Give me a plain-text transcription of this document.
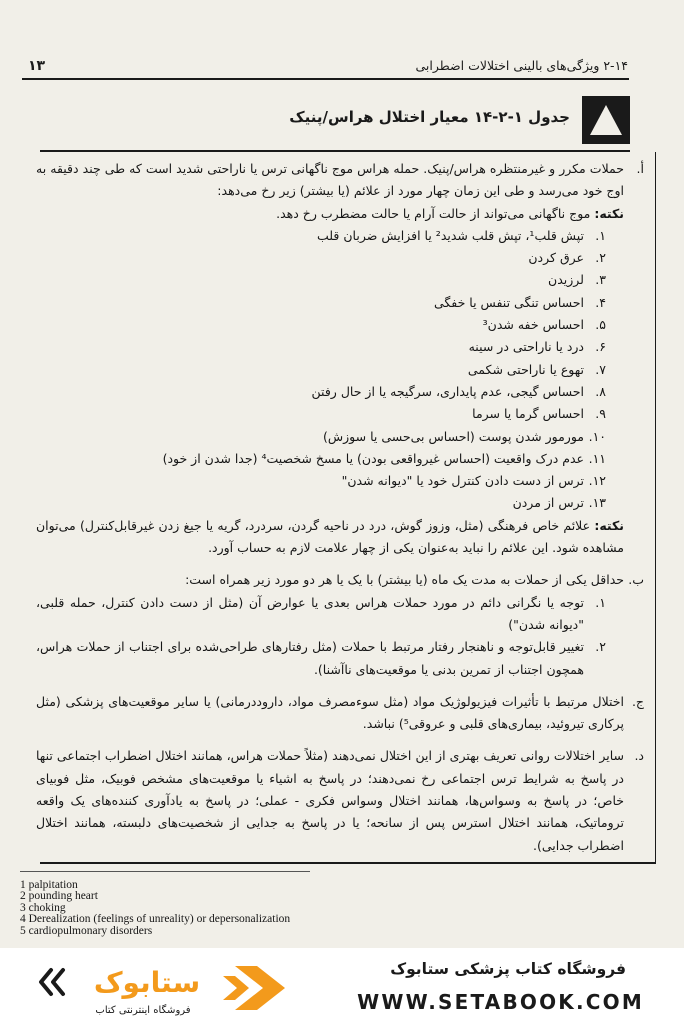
۱۳	۲-۱۴ ویژگی‌های بالینی اختلالات اضطرابی
جدول ۱-۲-۱۴ معیار اختلال هراس/پنیک
أ.
حملات مکرر و غیرمنتظره هراس/پنیک. حمله هراس موج ناگهانی ترس یا ناراحتی شدید است که طی چند دقیقه به اوج خود می‌رسد و طی این زمان چهار مورد از علائم (یا بیشتر) زیر رخ می‌دهد:
نکته: موج ناگهانی می‌تواند از حالت آرام یا حالت مضطرب رخ دهد.
۱.
تپش قلب¹، تپش قلب شدید² یا افزایش ضربان قلب
۲.
عرق کردن
۳.
لرزیدن
۴.
احساس تنگی تنفس یا خفگی
۵.
احساس خفه شدن³
۶.
درد یا ناراحتی در سینه
۷.
تهوع یا ناراحتی شکمی
۸.
احساس گیجی، عدم پایداری، سرگیجه یا از حال رفتن
۹.
احساس گرما یا سرما
۱۰.
مورمور شدن پوست (احساس بی‌حسی یا سوزش)
۱۱.
عدم درک واقعیت (احساس غیرواقعی بودن) یا مسخ شخصیت⁴ (جدا شدن از خود)
۱۲.
ترس از دست دادن کنترل خود یا "دیوانه شدن"
۱۳.
ترس از مردن
نکته: علائم خاص فرهنگی (مثل، وزوز گوش، درد در ناحیه گردن، سردرد، گریه یا جیغ زدن غیرقابل‌کنترل) می‌توان مشاهده شود. این علائم را نباید به‌عنوان یکی از چهار علامت لازم به حساب آورد.
ب.
حداقل یکی از حملات به مدت یک ماه (یا بیشتر) با یک یا هر دو مورد زیر همراه است:
۱.
توجه یا نگرانی دائم در مورد حملات هراس بعدی یا عوارض آن (مثل از دست دادن کنترل، حمله قلبی، "دیوانه شدن")
۲.
تغییر قابل‌توجه و ناهنجار رفتار مرتبط با حملات (مثل رفتارهای طراحی‌شده برای اجتناب از حملات هراس، همچون اجتناب از تمرین بدنی یا موقعیت‌های ناآشنا).
ج.
اختلال مرتبط با تأثیرات فیزیولوژیک مواد (مثل سوء‌مصرف مواد، داروددرمانی) یا سایر موقعیت‌های پزشکی (مثل پرکاری تیروئید، بیماری‌های قلبی و عروقی⁵) نباشد.
د.
سایر اختلالات روانی تعریف بهتری از این اختلال نمی‌دهند (مثلاً حملات هراس، همانند اختلال اضطراب اجتماعی تنها در پاسخ به شرایط ترس اجتماعی رخ نمی‌دهند؛ در پاسخ به اشیاء یا موقعیت‌های مشخص فوبیک، مثل فوبیای خاص؛ در پاسخ به وسواس‌ها، همانند اختلال وسواس فکری - عملی؛ در پاسخ به یادآوری کننده‌های یک واقعه تروماتیک، همانند اختلال استرس پس از سانحه؛ یا در پاسخ به جدایی از شخصیت‌های دلبسته، همانند اختلال اضطراب جدایی).
1 palpitation
2 pounding heart
3 choking
4 Derealization (feelings of unreality) or depersonalization
5 cardiopulmonary disorders
ستابوک
فروشگاه اینترنتی کتاب
فروشگاه کتاب پزشکی ستابوک
WWW.SETABOOK.COM
